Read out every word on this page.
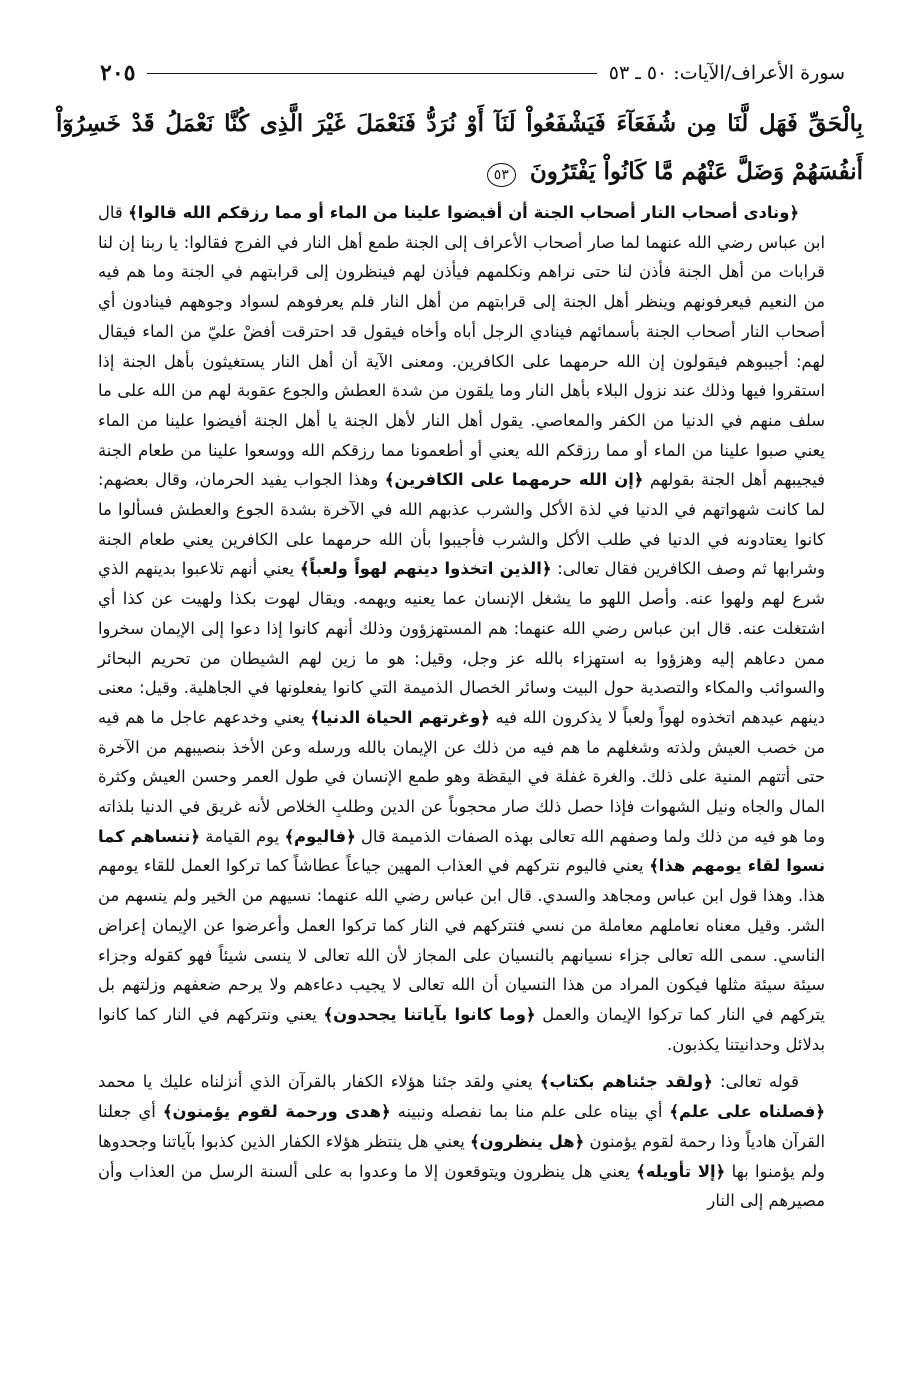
سورة الأعراف/الآيات: ٥٠ ـ ٥٣
٢٠٥
بِالْحَقِّ فَهَل لَّنَا مِن شُفَعَآءَ فَيَشْفَعُواْ لَنَآ أَوْ نُرَدُّ فَنَعْمَلَ غَيْرَ الَّذِى كُنَّا نَعْمَلُ قَدْ خَسِرُوٓاْ أَنفُسَهُمْ وَضَلَّ عَنْهُم مَّا كَانُواْ يَفْتَرُونَ ٥٣

﴿ونادى أصحاب النار أصحاب الجنة أن أفيضوا علينا من الماء أو مما رزقكم الله قالوا﴾ قال ابن عباس رضي الله عنهما لما صار أصحاب الأعراف إلى الجنة طمع أهل النار في الفرج فقالوا: يا ربنا إن لنا قرابات من أهل الجنة فأذن لنا حتى نراهم ونكلمهم فيأذن لهم فينظرون إلى قرابتهم في الجنة وما هم فيه من النعيم فيعرفونهم وينظر أهل الجنة إلى قرابتهم من أهل النار فلم يعرفوهم لسواد وجوههم فينادون أي أصحاب النار أصحاب الجنة بأسمائهم فينادي الرجل أباه وأخاه فيقول قد احترقت أفضْ عليّ من الماء فيقال لهم: أجيبوهم فيقولون إن الله حرمهما على الكافرين. ومعنى الآية أن أهل النار يستغيثون بأهل الجنة إذا استقروا فيها وذلك عند نزول البلاء بأهل النار وما يلقون من شدة العطش والجوع عقوبة لهم من الله على ما سلف منهم في الدنيا من الكفر والمعاصي. يقول أهل النار لأهل الجنة يا أهل الجنة أفيضوا علينا من الماء يعني صبوا علينا من الماء أو مما رزقكم الله يعني أو أطعمونا مما رزقكم الله ووسعوا علينا من طعام الجنة فيجيبهم أهل الجنة بقولهم ﴿إن الله حرمهما على الكافرين﴾ وهذا الجواب يفيد الحرمان، وقال بعضهم: لما كانت شهواتهم في الدنيا في لذة الأكل والشرب عذبهم الله في الآخرة بشدة الجوع والعطش فسألوا ما كانوا يعتادونه في الدنيا في طلب الأكل والشرب فأجيبوا بأن الله حرمهما على الكافرين يعني طعام الجنة وشرابها ثم وصف الكافرين فقال تعالى: ﴿الذين اتخذوا دينهم لهواً ولعباً﴾ يعني أنهم تلاعبوا بدينهم الذي شرع لهم ولهوا عنه. وأصل اللهو ما يشغل الإنسان عما يعنيه ويهمه. ويقال لهوت بكذا ولهيت عن كذا أي اشتغلت عنه. قال ابن عباس رضي الله عنهما: هم المستهزؤون وذلك أنهم كانوا إذا دعوا إلى الإيمان سخروا ممن دعاهم إليه وهزؤوا به استهزاء بالله عز وجل، وقيل: هو ما زين لهم الشيطان من تحريم البحائر والسوائب والمكاء والتصدية حول البيت وسائر الخصال الذميمة التي كانوا يفعلونها في الجاهلية. وقيل: معنى دينهم عيدهم اتخذوه لهواً ولعباً لا يذكرون الله فيه ﴿وغرتهم الحياة الدنيا﴾ يعني وخدعهم عاجل ما هم فيه من خصب العيش ولذته وشغلهم ما هم فيه من ذلك عن الإيمان بالله ورسله وعن الأخذ بنصيبهم من الآخرة حتى أتتهم المنية على ذلك. والغرة غفلة في اليقظة وهو طمع الإنسان في طول العمر وحسن العيش وكثرة المال والجاه ونيل الشهوات فإذا حصل ذلك صار محجوباً عن الدين وطلبِ الخلاص لأنه غريق في الدنيا بلذاته وما هو فيه من ذلك ولما وصفهم الله تعالى بهذه الصفات الذميمة قال ﴿فاليوم﴾ يوم القيامة ﴿ننساهم كما نسوا لقاء يومهم هذا﴾ يعني فاليوم نتركهم في العذاب المهين جياعاً عطاشاً كما تركوا العمل للقاء يومهم هذا. وهذا قول ابن عباس ومجاهد والسدي. قال ابن عباس رضي الله عنهما: نسيهم من الخير ولم ينسهم من الشر. وقيل معناه نعاملهم معاملة من نسي فنتركهم في النار كما تركوا العمل وأعرضوا عن الإيمان إعراض الناسي. سمى الله تعالى جزاء نسيانهم بالنسيان على المجاز لأن الله تعالى لا ينسى شيئاً فهو كقوله وجزاء سيئة سيئة مثلها فيكون المراد من هذا النسيان أن الله تعالى لا يجيب دعاءهم ولا يرحم ضعفهم وزلتهم بل يتركهم في النار كما تركوا الإيمان والعمل ﴿وما كانوا بآياتنا يجحدون﴾ يعني ونتركهم في النار كما كانوا بدلائل وحدانيتنا يكذبون.

قوله تعالى: ﴿ولقد جئناهم بكتاب﴾ يعني ولقد جئنا هؤلاء الكفار بالقرآن الذي أنزلناه عليك يا محمد ﴿فصلناه على علم﴾ أي بيناه على علم منا بما نفصله ونبينه ﴿هدى ورحمة لقوم يؤمنون﴾ أي جعلنا القرآن هادياً وذا رحمة لقوم يؤمنون ﴿هل ينظرون﴾ يعني هل ينتظر هؤلاء الكفار الذين كذبوا بآياتنا وجحدوها ولم يؤمنوا بها ﴿إلا تأويله﴾ يعني هل ينظرون ويتوقعون إلا ما وعدوا به على ألسنة الرسل من العذاب وأن مصيرهم إلى النار
